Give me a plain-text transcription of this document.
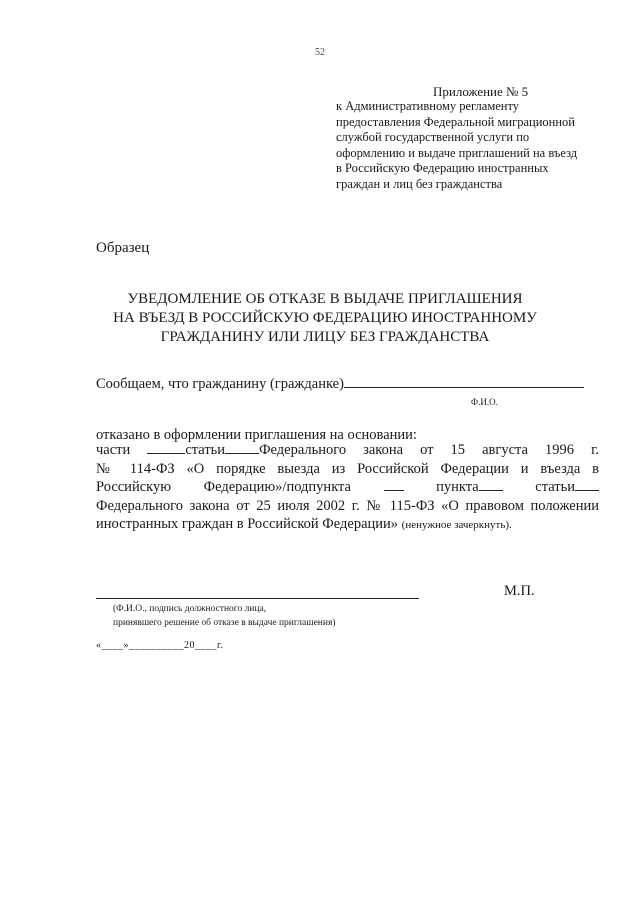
52
Приложение № 5
к Административному регламенту
предоставления Федеральной миграционной
службой государственной услуги по
оформлению и выдаче приглашений на въезд
в Российскую Федерацию иностранных
граждан и лиц без гражданства
Образец
УВЕДОМЛЕНИЕ ОБ ОТКАЗЕ В ВЫДАЧЕ ПРИГЛАШЕНИЯ
НА ВЪЕЗД В РОССИЙСКУЮ ФЕДЕРАЦИЮ ИНОСТРАННОМУ
ГРАЖДАНИНУ ИЛИ ЛИЦУ БЕЗ ГРАЖДАНСТВА
Сообщаем, что гражданину (гражданке)
Ф.И.О.
отказано в оформлении приглашения на основании:
части	статьи Федерального закона от 15 августа 1996 г.
№ 114-ФЗ «О порядке выезда из Российской Федерации и въезда в
Российскую Федерацию»/подпункта	пункта	статьи
Федерального закона от 25 июля 2002 г. № 115-ФЗ «О правовом положении
иностранных граждан в Российской Федерации» (ненужное зачеркнуть).
М.П.
(Ф.И.О., подпись должностного лица,
принявшего решение об отказе в выдаче приглашения)
«____»__________20____г.
